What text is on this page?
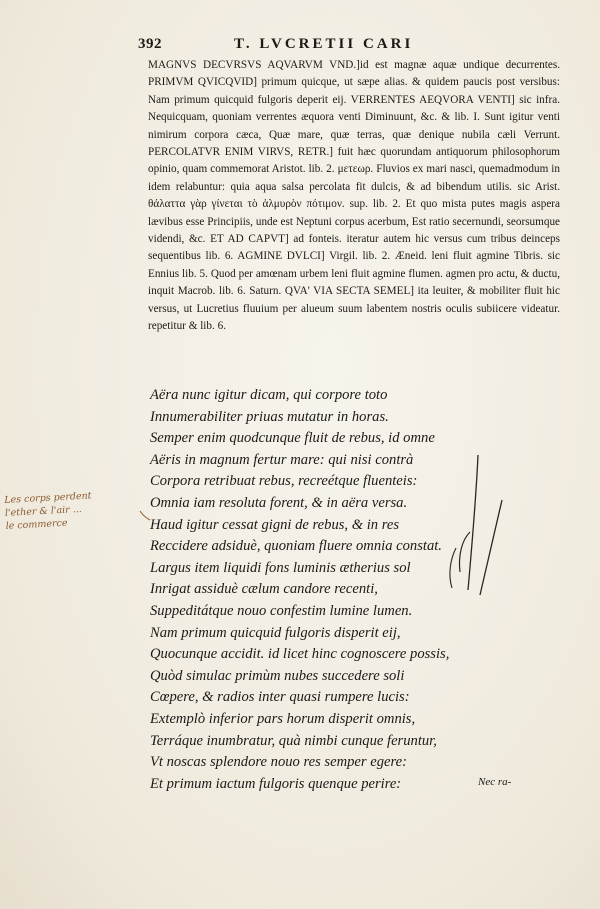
392	T. LVCRETII CARI

MAGNVS DECVRSVS AQVARVM VND.]id est magnæ aquæ undique decurrentes. PRIMVM QVICQVID] primum quicque, ut sæpe alias. & quidem paucis post versibus: Nam primum quicquid fulgoris deperit eij. VERRENTES AEQVORA VENTI] sic infra. Nequicquam, quoniam verrentes æquora venti Diminuunt, &c. & lib. I. Sunt igitur venti nimirum corpora cæca, Quæ mare, quæ terras, quæ denique nubila cæli Verrunt. PERCOLATVR ENIM VIRVS, RETR.] fuit hæc quorundam antiquorum philosophorum opinio, quam commemorat Aristot. lib. 2. μετεωρ. Fluvios ex mari nasci, quemadmodum in idem relabuntur: quia aqua salsa percolata fit dulcis, & ad bibendum utilis. sic Arist. θάλαττα γὰρ γίνεται τὸ ἁλμυρὸν πότιμον. sup. lib. 2. Et quo mista putes magis aspera lævibus esse Principiis, unde est Neptuni corpus acerbum, Est ratio secernundi, seorsumque videndi, &c. ET AD CAPVT] ad fonteis. iteratur autem hic versus cum tribus deinceps sequentibus lib. 6. AGMINE DVLCI] Virgil. lib. 2. Æneid. leni fluit agmine Tibris. sic Ennius lib. 5. Quod per amœnam urbem leni fluit agmine flumen. agmen pro actu, & ductu, inquit Macrob. lib. 6. Saturn. QVA' VIA SECTA SEMEL] ita leuiter, & mobiliter fluit hic versus, ut Lucretius fluuium per alueum suum labentem nostris oculis subiicere videatur. repetitur & lib. 6.

Aëra nunc igitur dicam, qui corpore toto
Innumerabiliter priuas mutatur in horas.
Semper enim quodcunque fluit de rebus, id omne
Aëris in magnum fertur mare: qui nisi contrà
Corpora retribuat rebus, recreétque fluenteis:
Omnia iam resoluta forent, & in aëra versa.
Haud igitur cessat gigni de rebus, & in res
Reccidere adsiduè, quoniam fluere omnia constat.
Largus item liquidi fons luminis ætherius sol
Inrigat assiduè cælum candore recenti,
Suppeditátque nouo confestim lumine lumen.
Nam primum quicquid fulgoris disperit eij,
Quocunque accidit. id licet hinc cognoscere possis,
Quòd simulac primùm nubes succedere soli
Cœpere, & radios inter quasi rumpere lucis:
Extemplò inferior pars horum disperit omnis,
Terráque inumbratur, quà nimbi cunque feruntur,
Vt noscas splendore nouo res semper egere:
Et primum iactum fulgoris quenque perire:	Nec ra-
Les corps perdent
l'ether & l'air ...
le commerce
